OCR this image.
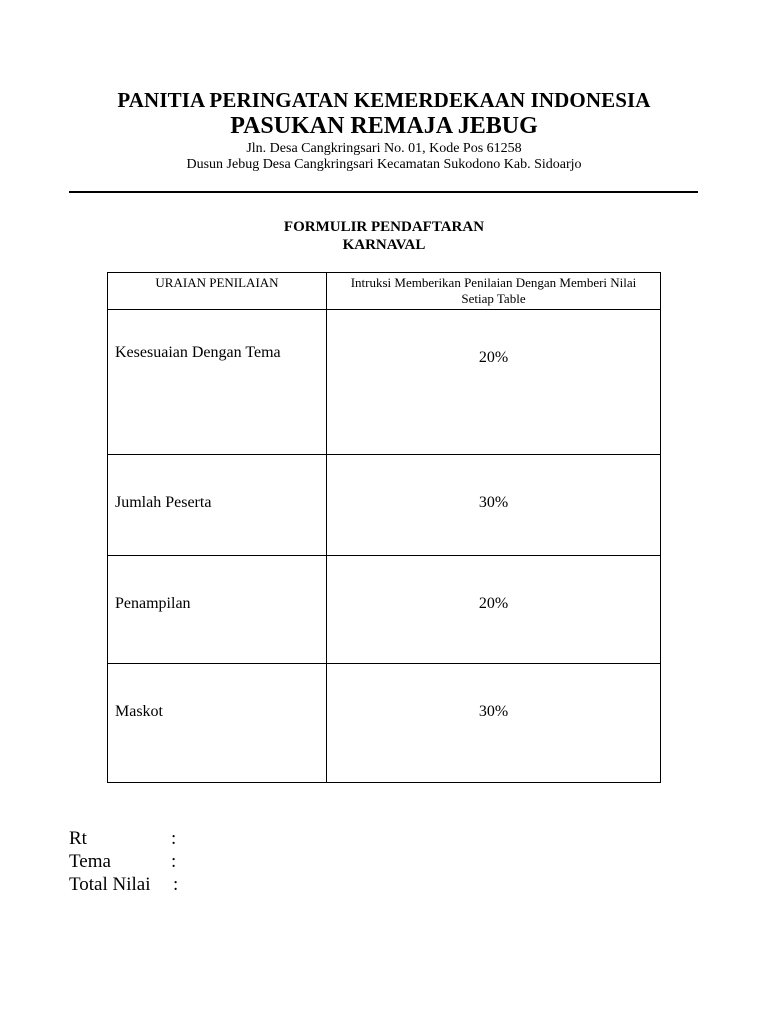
PANITIA PERINGATAN KEMERDEKAAN INDONESIA
PASUKAN REMAJA JEBUG
Jln. Desa Cangkringsari No. 01, Kode Pos 61258
Dusun Jebug Desa Cangkringsari Kecamatan Sukodono Kab. Sidoarjo
FORMULIR PENDAFTARAN
KARNAVAL
URAIAN PENILAIAN	Intruksi Memberikan Penilaian Dengan Memberi Nilai Setiap Table

Kesesuaian Dengan Tema	20%

Jumlah Peserta	30%

Penampilan	20%

Maskot	30%
Rt	:
Tema	:
Total Nilai :
